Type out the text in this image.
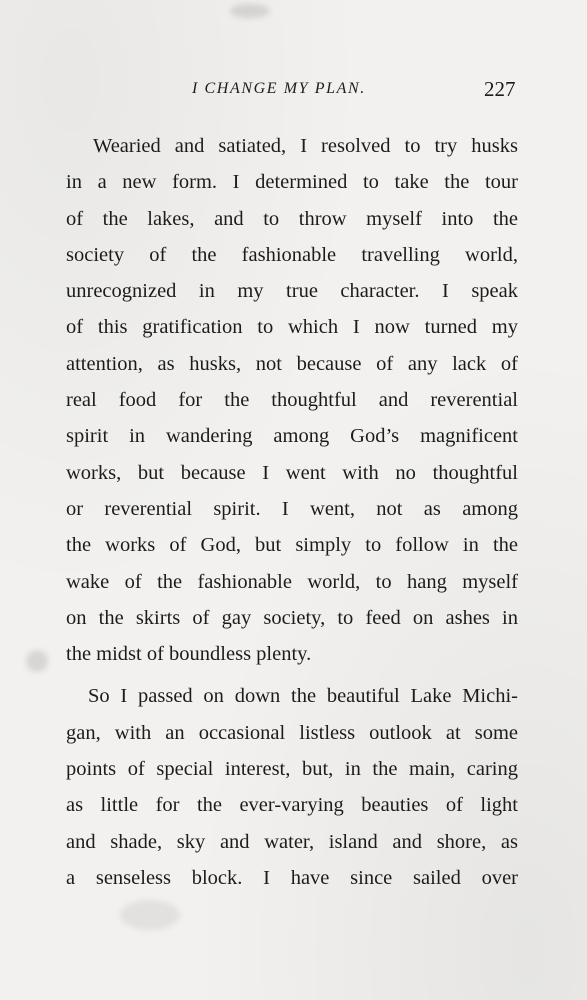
I CHANGE MY PLAN.	227
Wearied and satiated, I resolved to try husks
in a new form. I determined to take the tour
of the lakes, and to throw myself into the
society of the fashionable travelling world,
unrecognized in my true character. I speak
of this gratification to which I now turned my
attention, as husks, not because of any lack of
real food for the thoughtful and reverential
spirit in wandering among God’s magnificent
works, but because I went with no thoughtful
or reverential spirit. I went, not as among
the works of God, but simply to follow in the
wake of the fashionable world, to hang myself
on the skirts of gay society, to feed on ashes in
the midst of boundless plenty.
So I passed on down the beautiful Lake Michi-
gan, with an occasional listless outlook at some
points of special interest, but, in the main, caring
as little for the ever-varying beauties of light
and shade, sky and water, island and shore, as
a senseless block. I have since sailed over
